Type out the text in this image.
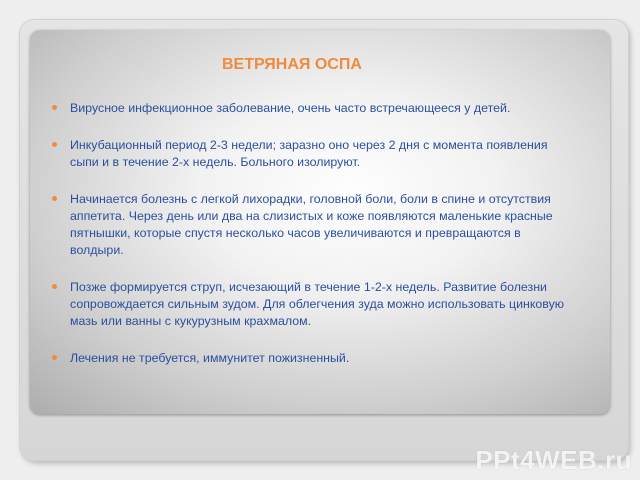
ВЕТРЯНАЯ ОСПА
Вирусное инфекционное заболевание, очень часто встречающееся у детей.
Инкубационный период 2-3 недели; заразно оно через 2 дня с момента появления сыпи и в течение 2-х недель. Больного изолируют.
Начинается болезнь с легкой лихорадки, головной боли, боли в спине и отсутствия аппетита. Через день или два на слизистых и коже появляются маленькие красные пятнышки, которые спустя несколько часов увеличиваются и превращаются в волдыри.
Позже формируется струп, исчезающий в течение 1-2-х недель. Развитие болезни сопровождается сильным зудом. Для облегчения зуда можно использовать цинковую мазь или ванны с кукурузным крахмалом.
Лечения не требуется, иммунитет пожизненный.
PPt4WEB.ru
